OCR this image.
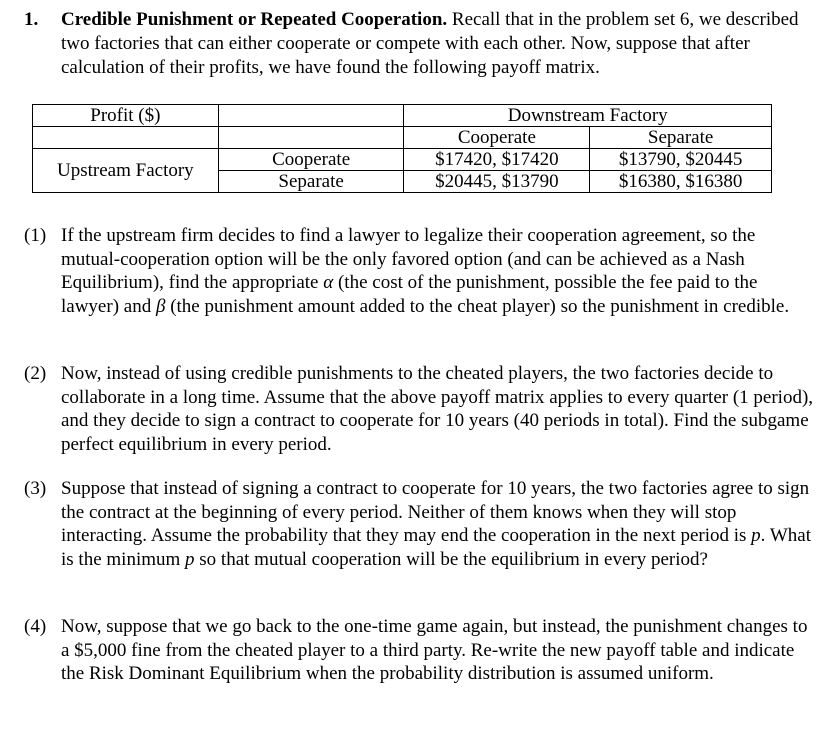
1. Credible Punishment or Repeated Cooperation. Recall that in the problem set 6, we described two factories that can either cooperate or compete with each other. Now, suppose that after calculation of their profits, we have found the following payoff matrix.
Profit ($)		Downstream Factory	
		Cooperate	Separate
Upstream Factory	Cooperate	$17420, $17420	$13790, $20445
	Separate	$20445, $13790	$16380, $16380
(1) If the upstream firm decides to find a lawyer to legalize their cooperation agreement, so the mutual-cooperation option will be the only favored option (and can be achieved as a Nash Equilibrium), find the appropriate α (the cost of the punishment, possible the fee paid to the lawyer) and β (the punishment amount added to the cheat player) so the punishment in credible.
(2) Now, instead of using credible punishments to the cheated players, the two factories decide to collaborate in a long time. Assume that the above payoff matrix applies to every quarter (1 period), and they decide to sign a contract to cooperate for 10 years (40 periods in total). Find the subgame perfect equilibrium in every period.
(3) Suppose that instead of signing a contract to cooperate for 10 years, the two factories agree to sign the contract at the beginning of every period. Neither of them knows when they will stop interacting. Assume the probability that they may end the cooperation in the next period is p. What is the minimum p so that mutual cooperation will be the equilibrium in every period?
(4) Now, suppose that we go back to the one-time game again, but instead, the punishment changes to a $5,000 fine from the cheated player to a third party. Re-write the new payoff table and indicate the Risk Dominant Equilibrium when the probability distribution is assumed uniform.
